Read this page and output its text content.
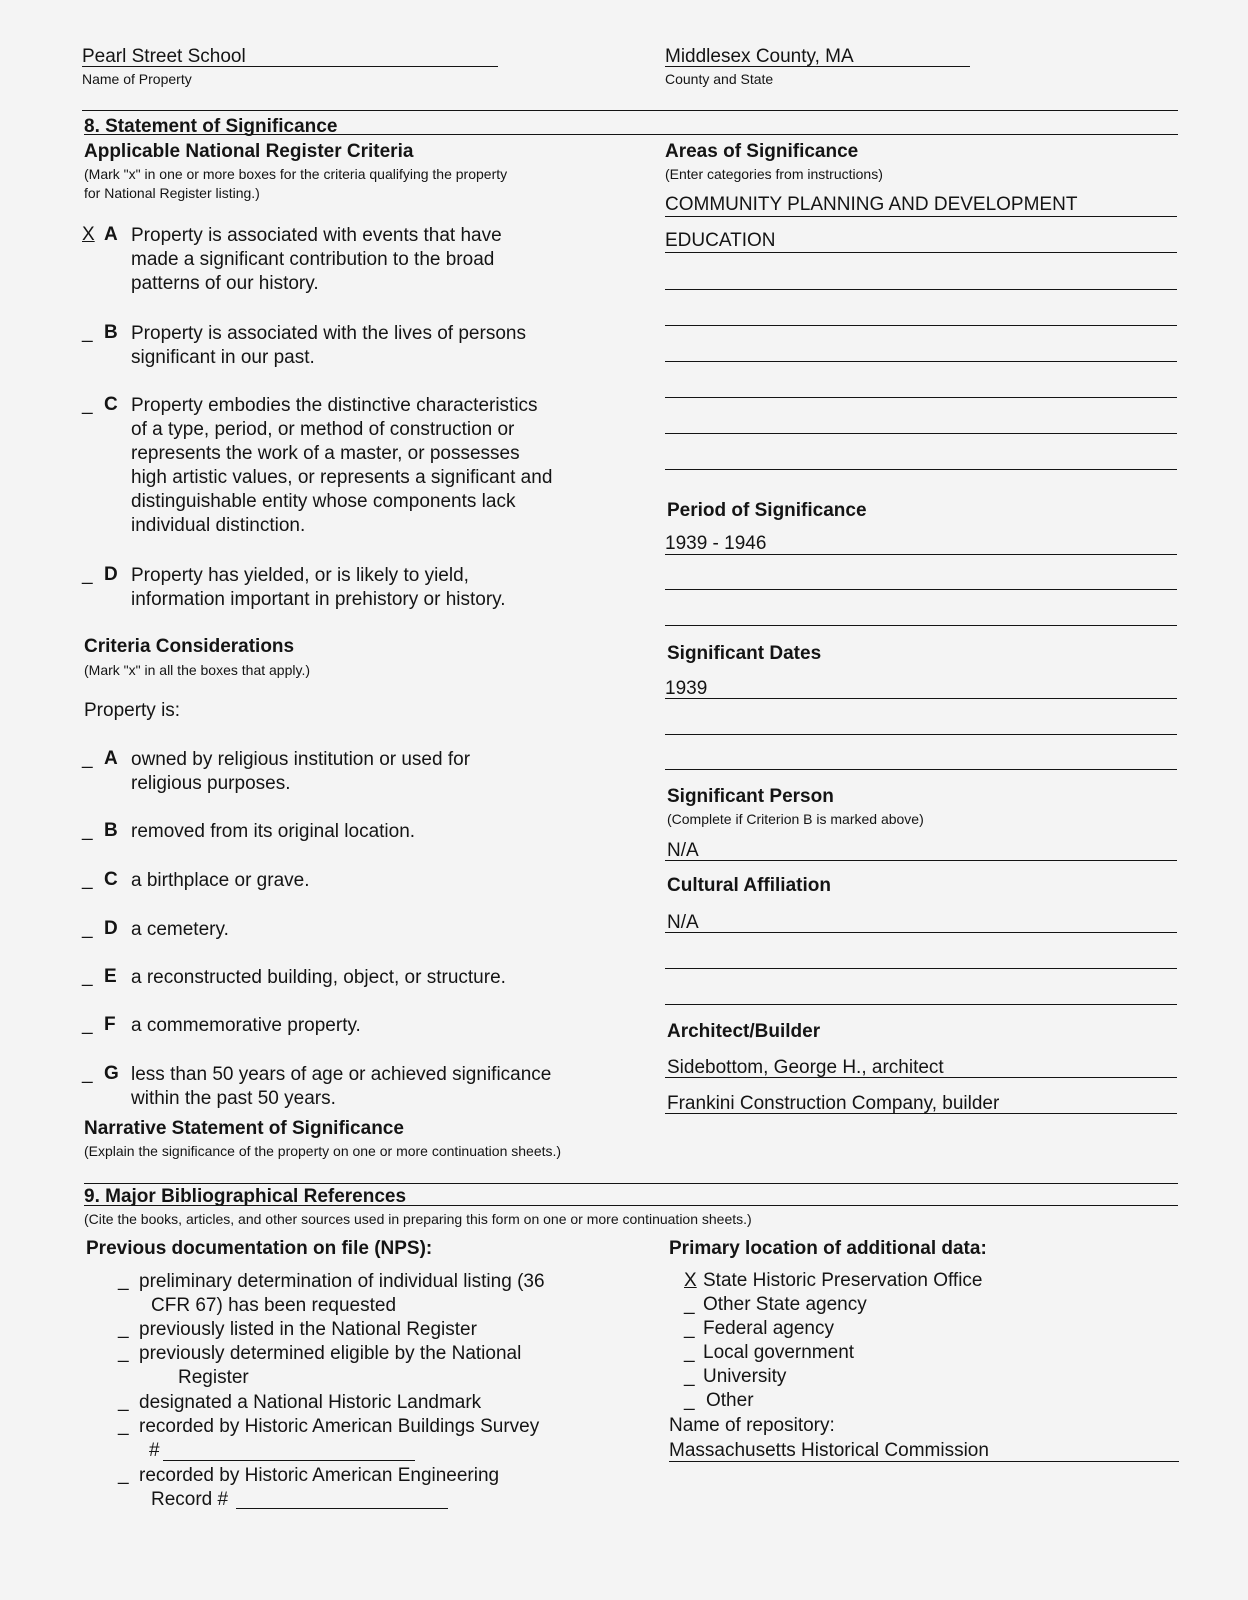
Pearl Street School
Name of Property
Middlesex County, MA
County and State
8. Statement of Significance
Applicable National Register Criteria
(Mark "x" in one or more boxes for the criteria qualifying the property
for National Register listing.)
X A Property is associated with events that have
made a significant contribution to the broad
patterns of our history.
_ B Property is associated with the lives of persons
significant in our past.
_ C Property embodies the distinctive characteristics
of a type, period, or method of construction or
represents the work of a master, or possesses
high artistic values, or represents a significant and
distinguishable entity whose components lack
individual distinction.
_ D Property has yielded, or is likely to yield,
information important in prehistory or history.
Criteria Considerations
(Mark "x" in all the boxes that apply.)
Property is:
_ A owned by religious institution or used for
religious purposes.
_ B removed from its original location.
_ C a birthplace or grave.
_ D a cemetery.
_ E a reconstructed building, object, or structure.
_ F a commemorative property.
_ G less than 50 years of age or achieved significance
within the past 50 years.
Narrative Statement of Significance
(Explain the significance of the property on one or more continuation sheets.)
Areas of Significance
(Enter categories from instructions)
COMMUNITY PLANNING AND DEVELOPMENT
EDUCATION
Period of Significance
1939 - 1946
Significant Dates
1939
Significant Person
(Complete if Criterion B is marked above)
N/A
Cultural Affiliation
N/A
Architect/Builder
Sidebottom, George H., architect
Frankini Construction Company, builder
9. Major Bibliographical References
(Cite the books, articles, and other sources used in preparing this form on one or more continuation sheets.)
Previous documentation on file (NPS):
_ preliminary determination of individual listing (36
CFR 67) has been requested
_ previously listed in the National Register
_ previously determined eligible by the National
Register
_ designated a National Historic Landmark
_ recorded by Historic American Buildings Survey
#
_ recorded by Historic American Engineering
Record #
Primary location of additional data:
X State Historic Preservation Office
_ Other State agency
_ Federal agency
_ Local government
_ University
_ Other
Name of repository:
Massachusetts Historical Commission
